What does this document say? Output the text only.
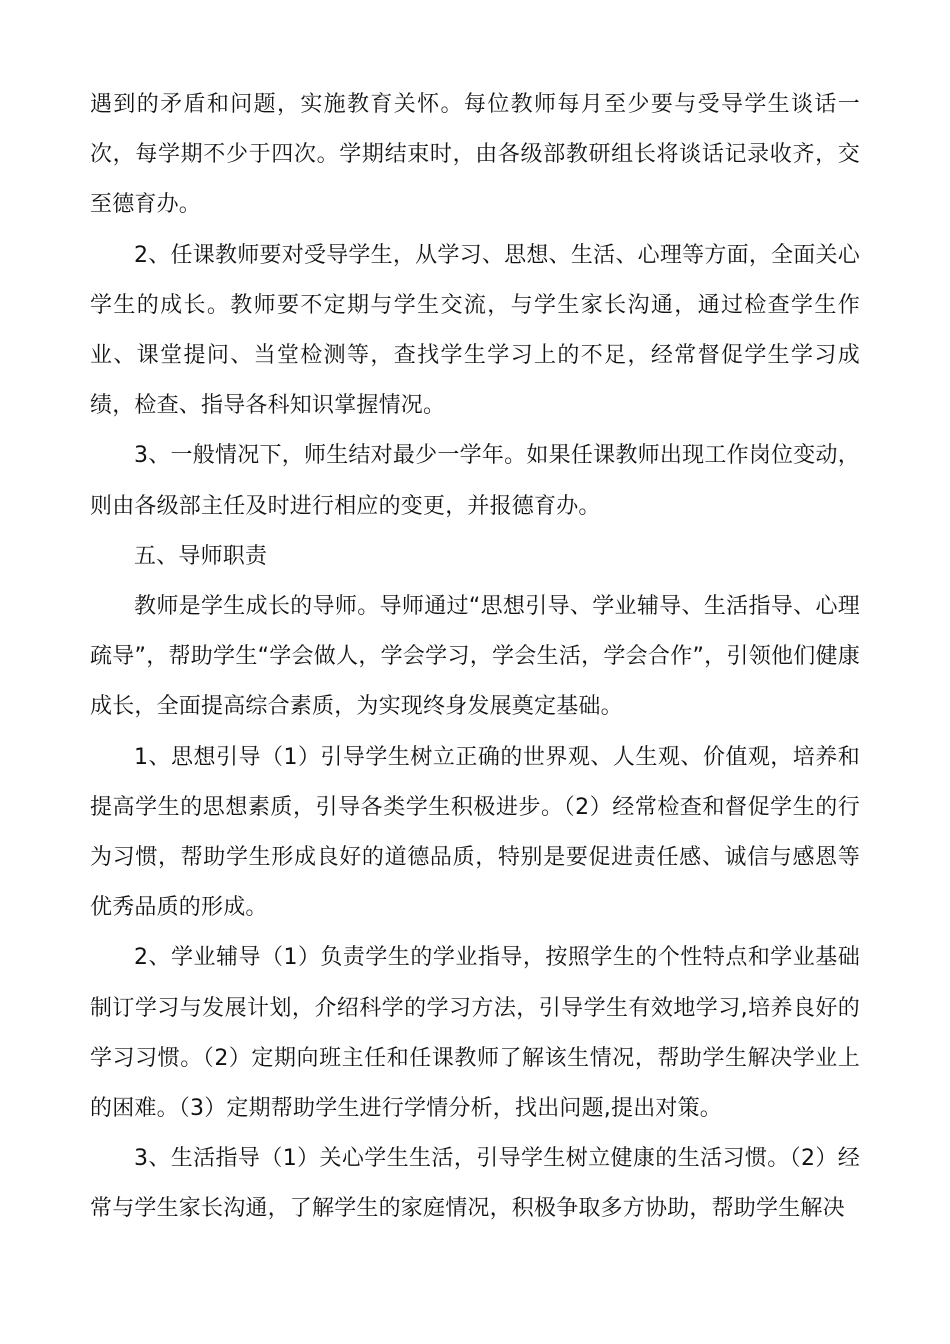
遇到的矛盾和问题，实施教育关怀。每位教师每月至少要与受导学生谈话一次，每学期不少于四次。学期结束时，由各级部教研组长将谈话记录收齐，交至德育办。

2、任课教师要对受导学生，从学习、思想、生活、心理等方面，全面关心学生的成长。教师要不定期与学生交流，与学生家长沟通，通过检查学生作业、课堂提问、当堂检测等，查找学生学习上的不足，经常督促学生学习成绩，检查、指导各科知识掌握情况。

3、一般情况下，师生结对最少一学年。如果任课教师出现工作岗位变动，则由各级部主任及时进行相应的变更，并报德育办。

五、导师职责

教师是学生成长的导师。导师通过“思想引导、学业辅导、生活指导、心理疏导”，帮助学生“学会做人，学会学习，学会生活，学会合作”，引领他们健康成长，全面提高综合素质，为实现终身发展奠定基础。

1、思想引导（1）引导学生树立正确的世界观、人生观、价值观，培养和提高学生的思想素质，引导各类学生积极进步。（2）经常检查和督促学生的行为习惯，帮助学生形成良好的道德品质，特别是要促进责任感、诚信与感恩等优秀品质的形成。

2、学业辅导（1）负责学生的学业指导，按照学生的个性特点和学业基础制订学习与发展计划，介绍科学的学习方法，引导学生有效地学习,培养良好的学习习惯。（2）定期向班主任和任课教师了解该生情况，帮助学生解决学业上的困难。（3）定期帮助学生进行学情分析，找出问题,提出对策。

3、生活指导（1）关心学生生活，引导学生树立健康的生活习惯。（2）经常与学生家长沟通，了解学生的家庭情况，积极争取多方协助，帮助学生解决
